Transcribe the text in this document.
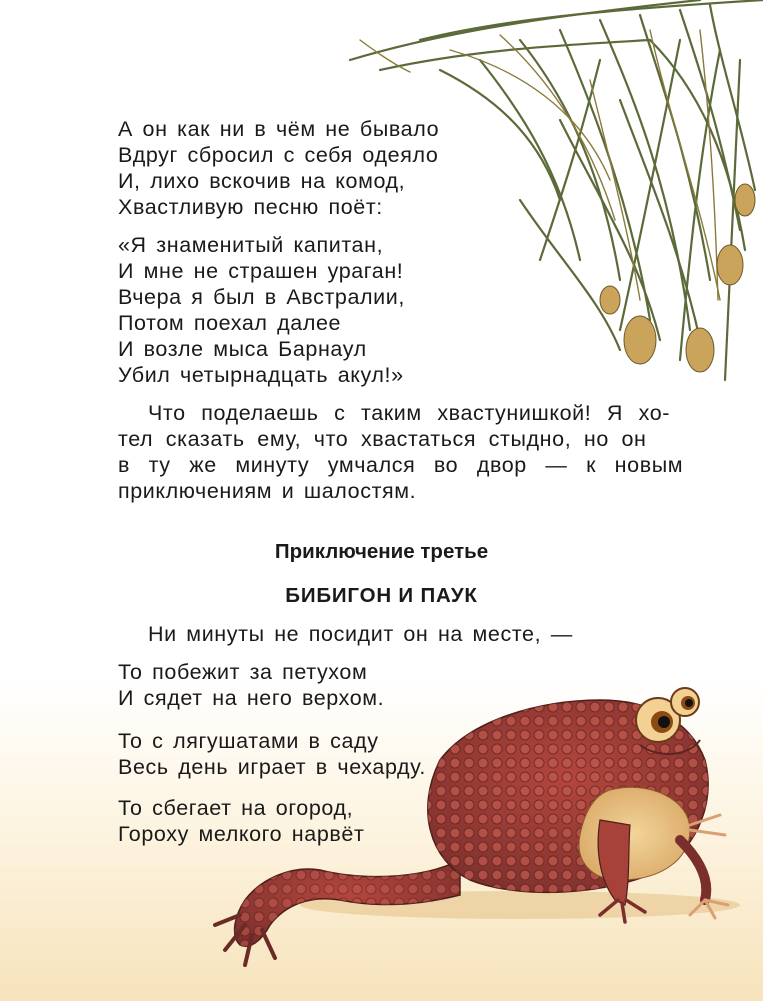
А он как ни в чём не бывало
Вдруг сбросил с себя одеяло
И, лихо вскочив на комод,
Хвастливую песню поёт:
«Я знаменитый капитан,
И мне не страшен ураган!
Вчера я был в Австралии,
Потом поехал далее
И возле мыса Барнаул
Убил четырнадцать акул!»
Что поделаешь с таким хвастунишкой! Я хо-
тел сказать ему, что хвастаться стыдно, но он
в ту же минуту умчался во двор — к новым
приключениям и шалостям.
Приключение третье
БИБИГОН И ПАУК
Ни минуты не посидит он на месте, —
То побежит за петухом
И сядет на него верхом.
То с лягушатами в саду
Весь день играет в чехарду.
То сбегает на огород,
Гороху мелкого нарвёт
